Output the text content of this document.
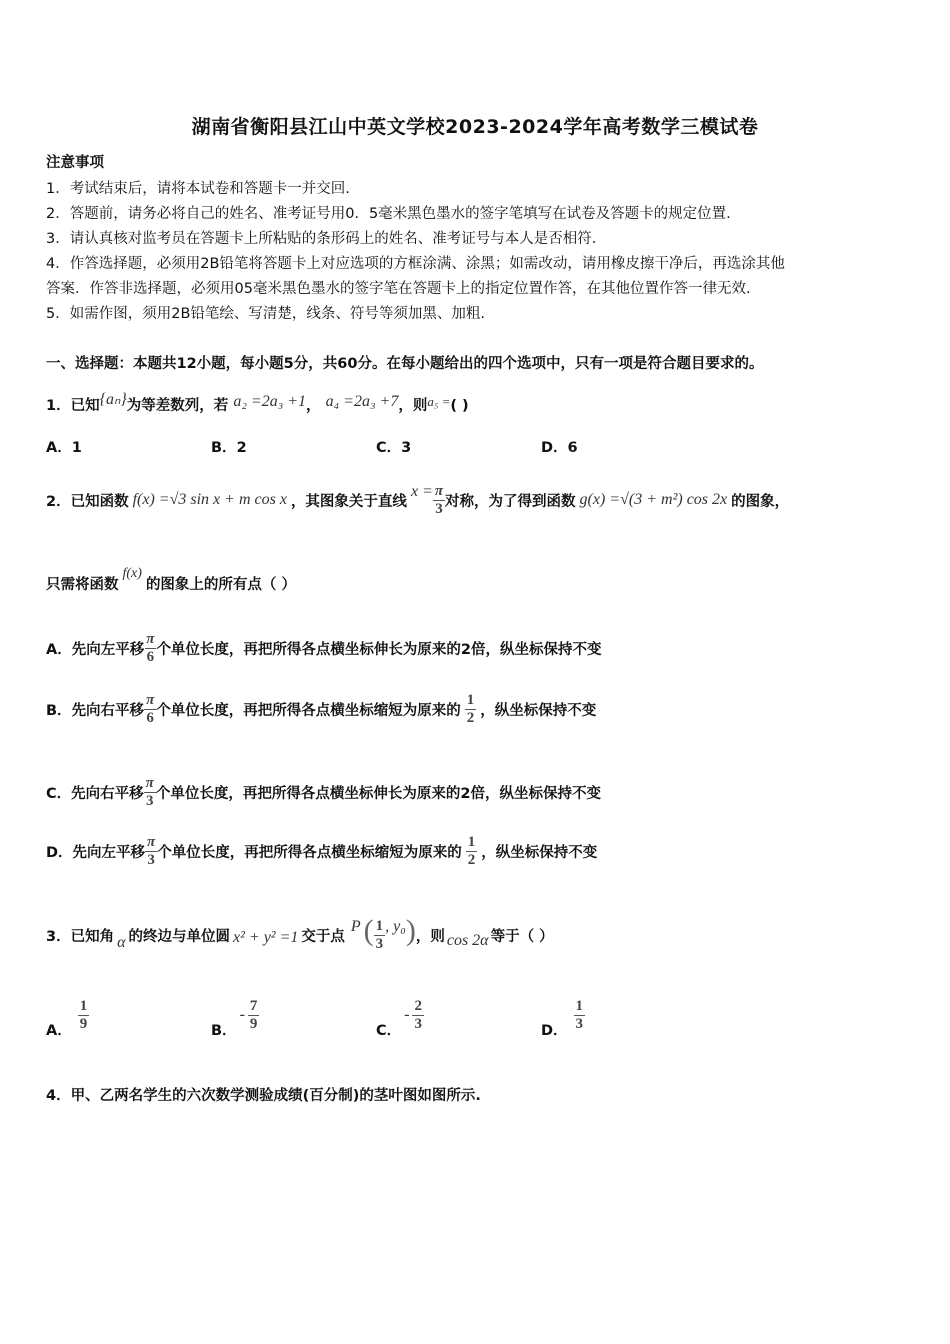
湖南省衡阳县江山中英文学校2023-2024学年高考数学三模试卷
注意事项
1．考试结束后，请将本试卷和答题卡一并交回.
2．答题前，请务必将自己的姓名、准考证号用0．5毫米黑色墨水的签字笔填写在试卷及答题卡的规定位置.
3．请认真核对监考员在答题卡上所粘贴的条形码上的姓名、准考证号与本人是否相符.
4．作答选择题，必须用2B铅笔将答题卡上对应选项的方框涂满、涂黑；如需改动，请用橡皮擦干净后，再选涂其他
答案．作答非选择题，必须用05毫米黑色墨水的签字笔在答题卡上的指定位置作答，在其他位置作答一律无效.
5．如需作图，须用2B铅笔绘、写清楚，线条、符号等须加黑、加粗.
一、选择题：本题共12小题，每小题5分，共60分。在每小题给出的四个选项中，只有一项是符合题目要求的。
1．已知{aₙ}为等差数列，若 a₂ =2a₃ +1， a₄ =2a₃ +7，则a₅ =( )
A．1	B．2	C．3	D．6
2．已知函数 f(x) =√3 sin x + m cos x ，其图象关于直线
$x = \frac{\pi}{3}$ 对称，为了得到函数 g(x) =√(3 + m²) cos 2x 的图象，
只需将函数f(x)的图象上的所有点（ ）
A． 先向左平移 $\frac{\pi}{6}$ 个单位长度，再把所得各点横坐标伸长为原来的2倍，纵坐标保持不变
B． 先向右平移 $\frac{\pi}{6}$ 个单位长度，再把所得各点横坐标缩短为原来的 $\frac{1}{2}$ ，纵坐标保持不变
C． 先向右平移 $\frac{\pi}{3}$ 个单位长度，再把所得各点横坐标伸长为原来的2倍，纵坐标保持不变
D． 先向左平移 $\frac{\pi}{3}$ 个单位长度，再把所得各点横坐标缩短为原来的 $\frac{1}{2}$ ，纵坐标保持不变
3．已知角 α 的终边与单位圆 x² + y² =1 交于点
P ( $\frac{1}{3}$ , y₀ ) ，则 cos 2α 等于（ ）
A． $\frac{1}{9}$	B．
- $\frac{7}{9}$	C．
- $\frac{2}{3}$	D． $\frac{1}{3}$
4．甲、乙两名学生的六次数学测验成绩(百分制)的茎叶图如图所示.
